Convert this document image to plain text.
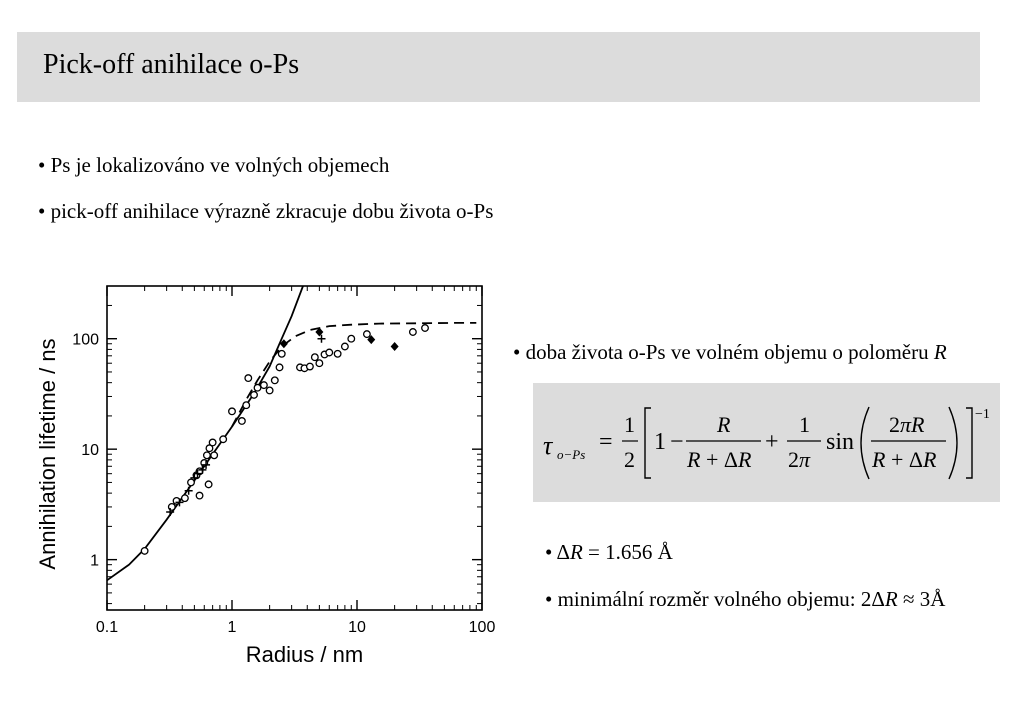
Pick-off anihilace o-Ps
• Ps je lokalizováno ve volných objemech
• pick-off anihilace výrazně zkracuje dobu života o-Ps
0.1	1	10	100
1
10
100
Radius / nm
Annihilation lifetime / ns	• doba života o-Ps ve volném objemu o poloměru R
τ o−Ps =
1
2
1 −
R
R + ΔR
+
1
2π
sin
2πR
R + ΔR
−1
• ΔR = 1.656 Å
• minimální rozměr volného objemu: 2ΔR ≈ 3Å
